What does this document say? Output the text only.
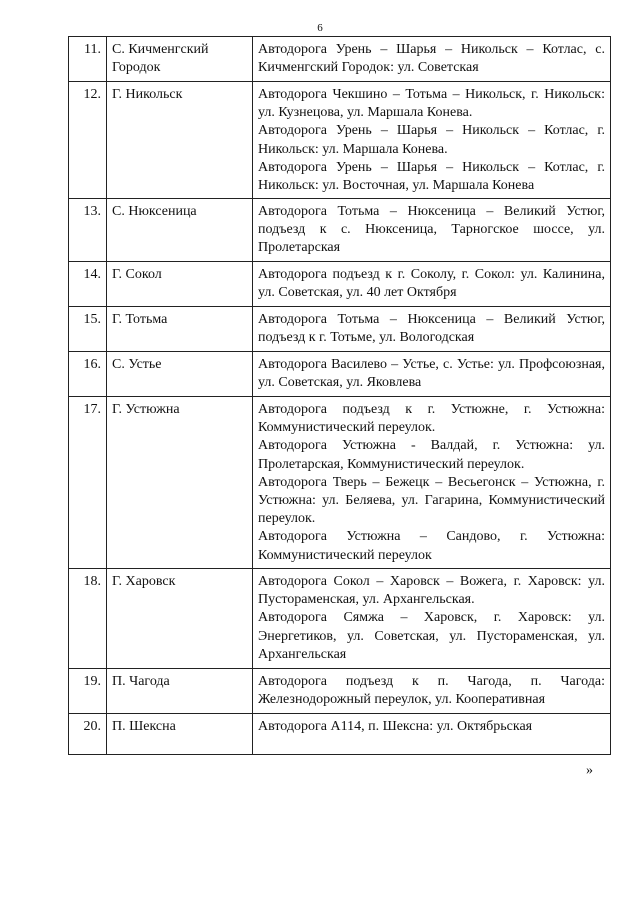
6
11.	С. Кичменгский Городок	Автодорога Урень – Шарья – Никольск – Котлас, с. Кичменгский Городок: ул. Советская

12.	Г. Никольск	Автодорога Чекшино – Тотьма – Никольск, г. Никольск: ул. Кузнецова, ул. Маршала Конева.

Автодорога Урень – Шарья – Никольск – Котлас, г. Никольск: ул. Маршала Конева.

Автодорога Урень – Шарья – Никольск – Котлас, г. Никольск: ул. Восточная, ул. Маршала Конева

13.	С. Нюксеница	Автодорога Тотьма – Нюксеница – Великий Устюг, подъезд к с. Нюксеница, Тарногское шоссе, ул. Пролетарская

14.	Г. Сокол	Автодорога подъезд к г. Соколу, г. Сокол: ул. Калинина, ул. Советская, ул. 40 лет Октября

15.	Г. Тотьма	Автодорога Тотьма – Нюксеница – Великий Устюг, подъезд к г. Тотьме, ул. Вологодская

16.	С. Устье	Автодорога Василево – Устье, с. Устье: ул. Профсоюзная, ул. Советская, ул. Яковлева

17.	Г. Устюжна	Автодорога подъезд к г. Устюжне, г. Устюжна: Коммунистический переулок.

Автодорога Устюжна - Валдай, г. Устюжна: ул. Пролетарская, Коммунистический переулок.

Автодорога Тверь – Бежецк – Весьегонск – Устюжна, г. Устюжна: ул. Беляева, ул. Гагарина, Коммунистический переулок.

Автодорога Устюжна – Сандово, г. Устюжна: Коммунистический переулок

18.	Г. Харовск	Автодорога Сокол – Харовск – Вожега, г. Харовск: ул. Пустораменская, ул. Архангельская.

Автодорога Сямжа – Харовск, г. Харовск: ул. Энергетиков, ул. Советская, ул. Пустораменская, ул. Архангельская

19.	П. Чагода	Автодорога подъезд к п. Чагода, п. Чагода: Железнодорожный переулок, ул. Кооперативная

20.	П. Шексна	Автодорога А114, п. Шексна: ул. Октябрьская

»
